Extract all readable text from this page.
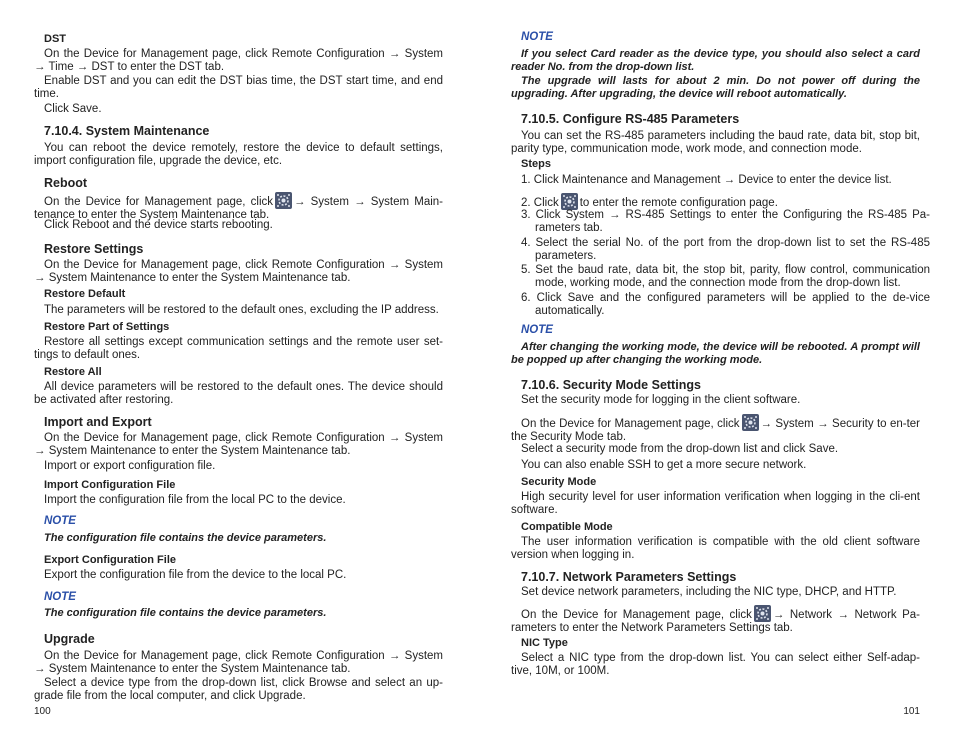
DST
On the Device for Management page, click Remote Configuration → System → Time → DST to enter the DST tab.
Enable DST and you can edit the DST bias time, the DST start time, and end time.
Click Save.
7.10.4. System Maintenance
You can reboot the device remotely, restore the device to default settings, import configuration file, upgrade the device, etc.
Reboot
On the Device for Management page, click → System → System Main-tenance to enter the System Maintenance tab.
Click Reboot and the device starts rebooting.
Restore Settings
On the Device for Management page, click Remote Configuration → System → System Maintenance to enter the System Maintenance tab.
Restore Default
The parameters will be restored to the default ones, excluding the IP address.
Restore Part of Settings
Restore all settings except communication settings and the remote user set-tings to default ones.
Restore All
All device parameters will be restored to the default ones. The device should be activated after restoring.
Import and Export
On the Device for Management page, click Remote Configuration → System → System Maintenance to enter the System Maintenance tab.
Import or export configuration file.
Import Configuration File
Import the configuration file from the local PC to the device.
NOTE
The configuration file contains the device parameters.
Export Configuration File
Export the configuration file from the device to the local PC.
NOTE
The configuration file contains the device parameters.
Upgrade
On the Device for Management page, click Remote Configuration → System → System Maintenance to enter the System Maintenance tab.
Select a device type from the drop-down list, click Browse and select an up-grade file from the local computer, and click Upgrade.
100
NOTE
If you select Card reader as the device type, you should also select a card reader No. from the drop-down list.
The upgrade will lasts for about 2 min. Do not power off during the upgrading. After upgrading, the device will reboot automatically.
7.10.5. Configure RS-485 Parameters
You can set the RS-485 parameters including the baud rate, data bit, stop bit, parity type, communication mode, work mode, and connection mode.
Steps
1. Click Maintenance and Management → Device to enter the device list.
2. Click to enter the remote configuration page.
3. Click System → RS-485 Settings to enter the Configuring the RS-485 Pa-rameters tab.
4. Select the serial No. of the port from the drop-down list to set the RS-485 parameters.
5. Set the baud rate, data bit, the stop bit, parity, flow control, communication mode, working mode, and the connection mode from the drop-down list.
6. Click Save and the configured parameters will be applied to the de-vice automatically.
NOTE
After changing the working mode, the device will be rebooted. A prompt will be popped up after changing the working mode.
7.10.6. Security Mode Settings
Set the security mode for logging in the client software.
On the Device for Management page, click → System → Security to en-ter the Security Mode tab.
Select a security mode from the drop-down list and click Save.
You can also enable SSH to get a more secure network.
Security Mode
High security level for user information verification when logging in the cli-ent software.
Compatible Mode
The user information verification is compatible with the old client software version when logging in.
7.10.7. Network Parameters Settings
Set device network parameters, including the NIC type, DHCP, and HTTP.
On the Device for Management page, click → Network → Network Pa-rameters to enter the Network Parameters Settings tab.
NIC Type
Select a NIC type from the drop-down list. You can select either Self-adap-tive, 10M, or 100M.
101
